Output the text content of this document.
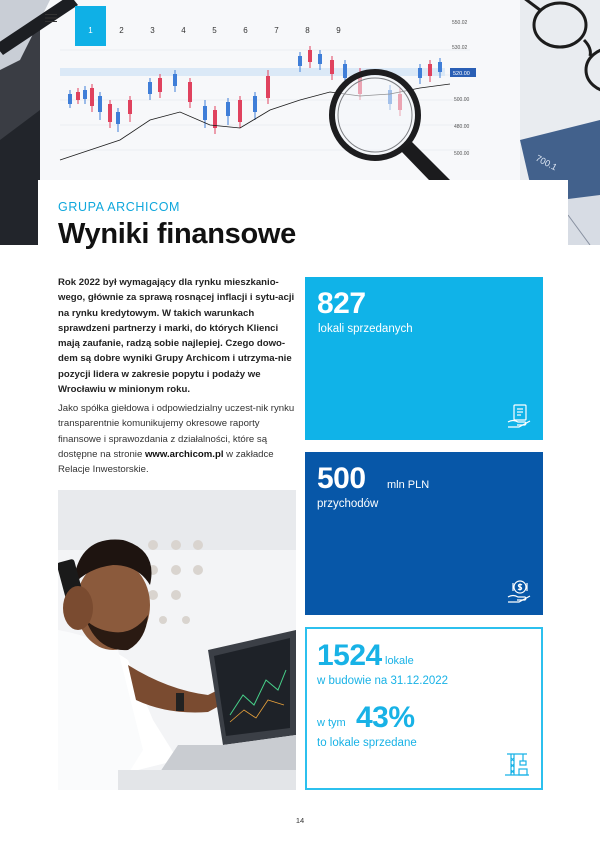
520.00
550.02
530.02
500.00
480.00
500.00	700.1
1	2	3	4	5	6	7	8	9
GRUPA ARCHICOM
Wyniki finansowe

Rok 2022 był wymagający dla rynku mieszkanio-wego, głównie za sprawą rosnącej inflacji i sytu-acji na rynku kredytowym. W takich warunkach sprawdzeni partnerzy i marki, do których Klienci mają zaufanie, radzą sobie najlepiej. Czego dowo-dem są dobre wyniki Grupy Archicom i utrzyma-nie pozycji lidera w zakresie popytu i podaży we Wrocławiu w minionym roku.

Jako spółka giełdowa i odpowiedzialny uczest-nik rynku transparentnie komunikujemy okresowe raporty finansowe i sprawozdania z działalności, które są dostępne na stronie www.archicom.pl w zakładce Relacje Inwestorskie.

827
lokali sprzedanych
500 mln PLN
przychodów
1524 lokale
w budowie na 31.12.2022
w tym 43%
to lokale sprzedane
14
